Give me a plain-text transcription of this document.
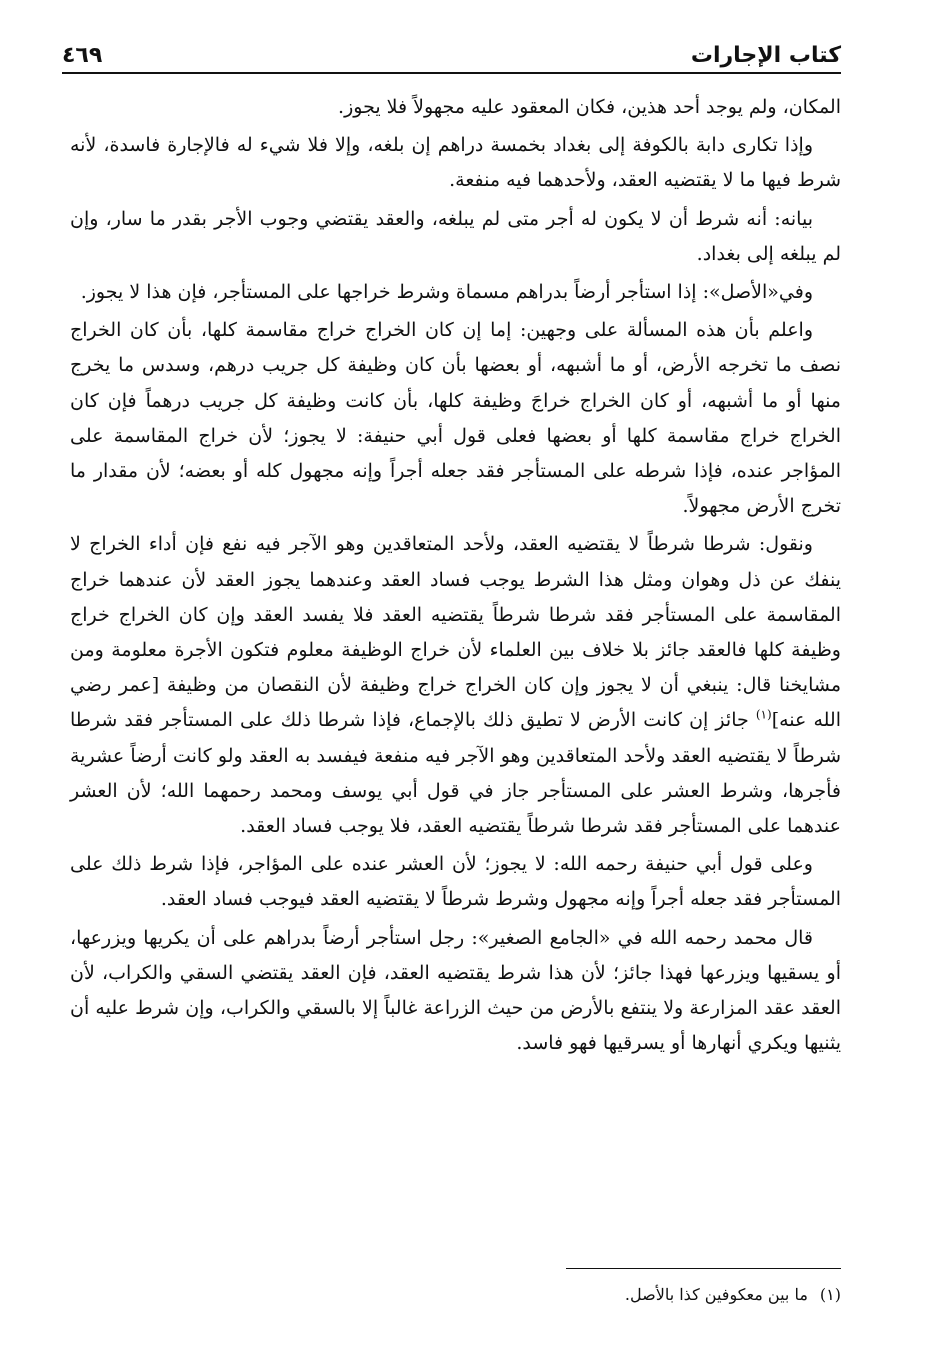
كتاب الإجارات
٤٦٩

المكان، ولم يوجد أحد هذين، فكان المعقود عليه مجهولاً فلا يجوز.

وإذا تكارى دابة بالكوفة إلى بغداد بخمسة دراهم إن بلغه، وإلا فلا شيء له فالإجارة فاسدة، لأنه شرط فيها ما لا يقتضيه العقد، ولأحدهما فيه منفعة.

بيانه: أنه شرط أن لا يكون له أجر متى لم يبلغه، والعقد يقتضي وجوب الأجر بقدر ما سار، وإن لم يبلغه إلى بغداد.

وفي«الأصل»: إذا استأجر أرضاً بدراهم مسماة وشرط خراجها على المستأجر، فإن هذا لا يجوز.

واعلم بأن هذه المسألة على وجهين: إما إن كان الخراج خراج مقاسمة كلها، بأن كان الخراج نصف ما تخرجه الأرض، أو ما أشبهه، أو بعضها بأن كان وظيفة كل جريب درهم، وسدس ما يخرج منها أو ما أشبهه، أو كان الخراج خراجَ وظيفة كلها، بأن كانت وظيفة كل جريب درهماً فإن كان الخراج خراج مقاسمة كلها أو بعضها فعلى قول أبي حنيفة: لا يجوز؛ لأن خراج المقاسمة على المؤاجر عنده، فإذا شرطه على المستأجر فقد جعله أجراً وإنه مجهول كله أو بعضه؛ لأن مقدار ما تخرج الأرض مجهولاً.

ونقول: شرطا شرطاً لا يقتضيه العقد، ولأحد المتعاقدين وهو الآجر فيه نفع فإن أداء الخراج لا ينفك عن ذل وهوان ومثل هذا الشرط يوجب فساد العقد وعندهما يجوز العقد لأن عندهما خراج المقاسمة على المستأجر فقد شرطا شرطاً يقتضيه العقد فلا يفسد العقد وإن كان الخراج خراج وظيفة كلها فالعقد جائز بلا خلاف بين العلماء لأن خراج الوظيفة معلوم فتكون الأجرة معلومة ومن مشايخنا قال: ينبغي أن لا يجوز وإن كان الخراج خراج وظيفة لأن النقصان من وظيفة [عمر رضي الله عنه]$^{(١)}$ جائز إن كانت الأرض لا تطيق ذلك بالإجماع، فإذا شرطا ذلك على المستأجر فقد شرطا شرطاً لا يقتضيه العقد ولأحد المتعاقدين وهو الآجر فيه منفعة فيفسد به العقد ولو كانت أرضاً عشرية فأجرها، وشرط العشر على المستأجر جاز في قول أبي يوسف ومحمد رحمهما الله؛ لأن العشر عندهما على المستأجر فقد شرطا شرطاً يقتضيه العقد، فلا يوجب فساد العقد.

وعلى قول أبي حنيفة رحمه الله: لا يجوز؛ لأن العشر عنده على المؤاجر، فإذا شرط ذلك على المستأجر فقد جعله أجراً وإنه مجهول وشرط شرطاً لا يقتضيه العقد فيوجب فساد العقد.

قال محمد رحمه الله في «الجامع الصغير»: رجل استأجر أرضاً بدراهم على أن يكريها ويزرعها، أو يسقيها ويزرعها فهذا جائز؛ لأن هذا شرط يقتضيه العقد، فإن العقد يقتضي السقي والكراب، لأن العقد عقد المزارعة ولا ينتفع بالأرض من حيث الزراعة غالباً إلا بالسقي والكراب، وإن شرط عليه أن يثنيها ويكري أنهارها أو يسرقيها فهو فاسد.

(١)ما بين معكوفين كذا بالأصل.
